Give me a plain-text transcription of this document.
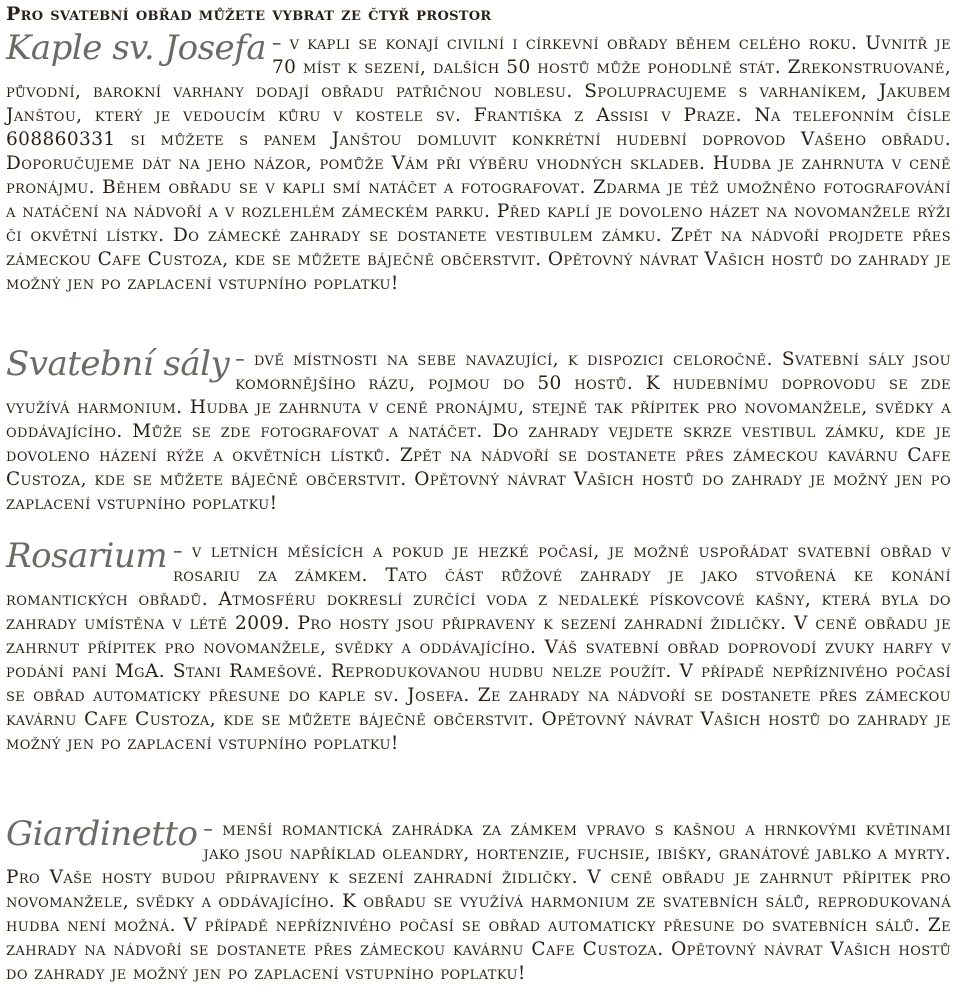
Pro svatební obřad můžete vybrat ze čtyř prostor

Kaple sv. Josefa – v kapli se konají civilní i církevní obřady během celého roku. Uvnitř je 70 míst k sezení, dalších 50 hostů může pohodlně stát. Zrekonstruované, původní, barokní varhany dodají obřadu patřičnou noblesu. Spolupracujeme s varhaníkem, Jakubem Janštou, který je vedoucím kůru v kostele sv. Františka z Assisi v Praze. Na telefonním čísle 608860331 si můžete s panem Janštou domluvit konkrétní hudební doprovod Vašeho obřadu. Doporučujeme dát na jeho názor, pomůže Vám při výběru vhodných skladeb. Hudba je zahrnuta v ceně pronájmu. Během obřadu se v kapli smí natáčet a fotografovat. Zdarma je též umožněno fotografování a natáčení na nádvoří a v rozlehlém zámeckém parku. Před kaplí je dovoleno házet na novomanžele rýži či okvětní lístky. Do zámecké zahrady se dostanete vestibulem zámku. Zpět na nádvoří projdete přes zámeckou Cafe Custoza, kde se můžete báječně občerstvit. Opětovný návrat Vašich hostů do zahrady je možný jen po zaplacení vstupního poplatku!

Svatební sály – dvě místnosti na sebe navazující, k dispozici celoročně. Svatební sály jsou komornějšího rázu, pojmou do 50 hostů. K hudebnímu doprovodu se zde využívá harmonium. Hudba je zahrnuta v ceně pronájmu, stejně tak přípitek pro novomanžele, svědky a oddávajícího. Může se zde fotografovat a natáčet. Do zahrady vejdete skrze vestibul zámku, kde je dovoleno házení rýže a okvětních lístků. Zpět na nádvoří se dostanete přes zámeckou kavárnu Cafe Custoza, kde se můžete báječně občerstvit. Opětovný návrat Vašich hostů do zahrady je možný jen po zaplacení vstupního poplatku!

Rosarium – v letních měsících a pokud je hezké počasí, je možné uspořádat svatební obřad v rosariu za zámkem. Tato část růžové zahrady je jako stvořená ke konání romantických obřadů. Atmosféru dokreslí zurčící voda z nedaleké pískovcové kašny, která byla do zahrady umístěna v létě 2009. Pro hosty jsou připraveny k sezení zahradní židličky. V ceně obřadu je zahrnut přípitek pro novomanžele, svědky a oddávajícího. Váš svatební obřad doprovodí zvuky harfy v podání paní MgA. Stani Ramešové. Reprodukovanou hudbu nelze použít. V případě nepříznivého počasí se obřad automaticky přesune do kaple sv. Josefa. Ze zahrady na nádvoří se dostanete přes zámeckou kavárnu Cafe Custoza, kde se můžete báječně občerstvit. Opětovný návrat Vašich hostů do zahrady je možný jen po zaplacení vstupního poplatku!

Giardinetto – menší romantická zahrádka za zámkem vpravo s kašnou a hrnkovými květinami jako jsou například oleandry, hortenzie, fuchsie, ibišky, granátové jablko a myrty. Pro Vaše hosty budou připraveny k sezení zahradní židličky. V ceně obřadu je zahrnut přípitek pro novomanžele, svědky a oddávajícího. K obřadu se využívá harmonium ze svatebních sálů, reprodukovaná hudba není možná. V případě nepříznivého počasí se obřad automaticky přesune do svatebních sálů. Ze zahrady na nádvoří se dostanete přes zámeckou kavárnu Cafe Custoza. Opětovný návrat Vašich hostů do zahrady je možný jen po zaplacení vstupního poplatku!
